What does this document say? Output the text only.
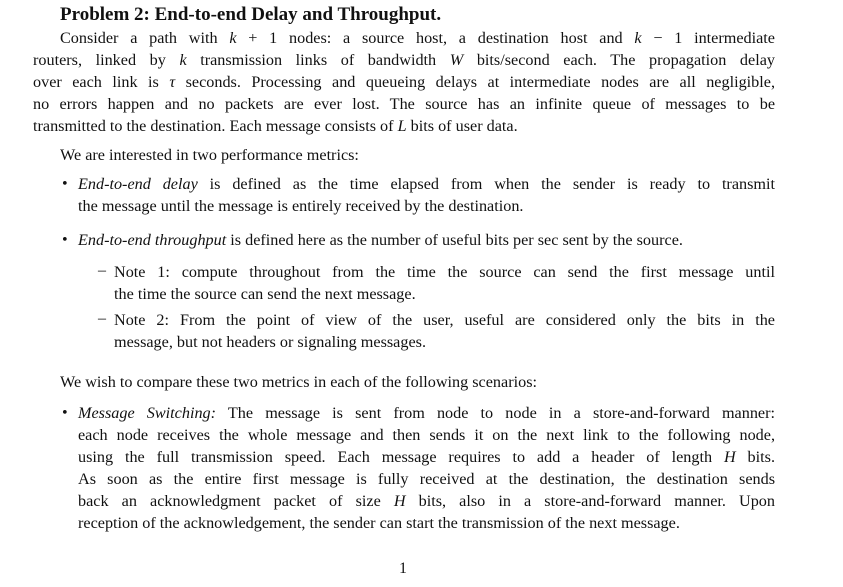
Problem 2: End-to-end Delay and Throughput.
Consider a path with k + 1 nodes: a source host, a destination host and k − 1 intermediate
routers, linked by k transmission links of bandwidth W bits/second each. The propagation delay
over each link is τ seconds. Processing and queueing delays at intermediate nodes are all negligible,
no errors happen and no packets are ever lost. The source has an infinite queue of messages to be
transmitted to the destination. Each message consists of L bits of user data.
We are interested in two performance metrics:
End-to-end delay is defined as the time elapsed from when the sender is ready to transmit
the message until the message is entirely received by the destination.
End-to-end throughput is defined here as the number of useful bits per sec sent by the source.
Note 1: compute throughout from the time the source can send the first message until
the time the source can send the next message.
Note 2: From the point of view of the user, useful are considered only the bits in the
message, but not headers or signaling messages.
We wish to compare these two metrics in each of the following scenarios:
Message Switching: The message is sent from node to node in a store-and-forward manner:
each node receives the whole message and then sends it on the next link to the following node,
using the full transmission speed. Each message requires to add a header of length H bits.
As soon as the entire first message is fully received at the destination, the destination sends
back an acknowledgment packet of size H bits, also in a store-and-forward manner. Upon
reception of the acknowledgement, the sender can start the transmission of the next message.
•
•
•
–
–
1
